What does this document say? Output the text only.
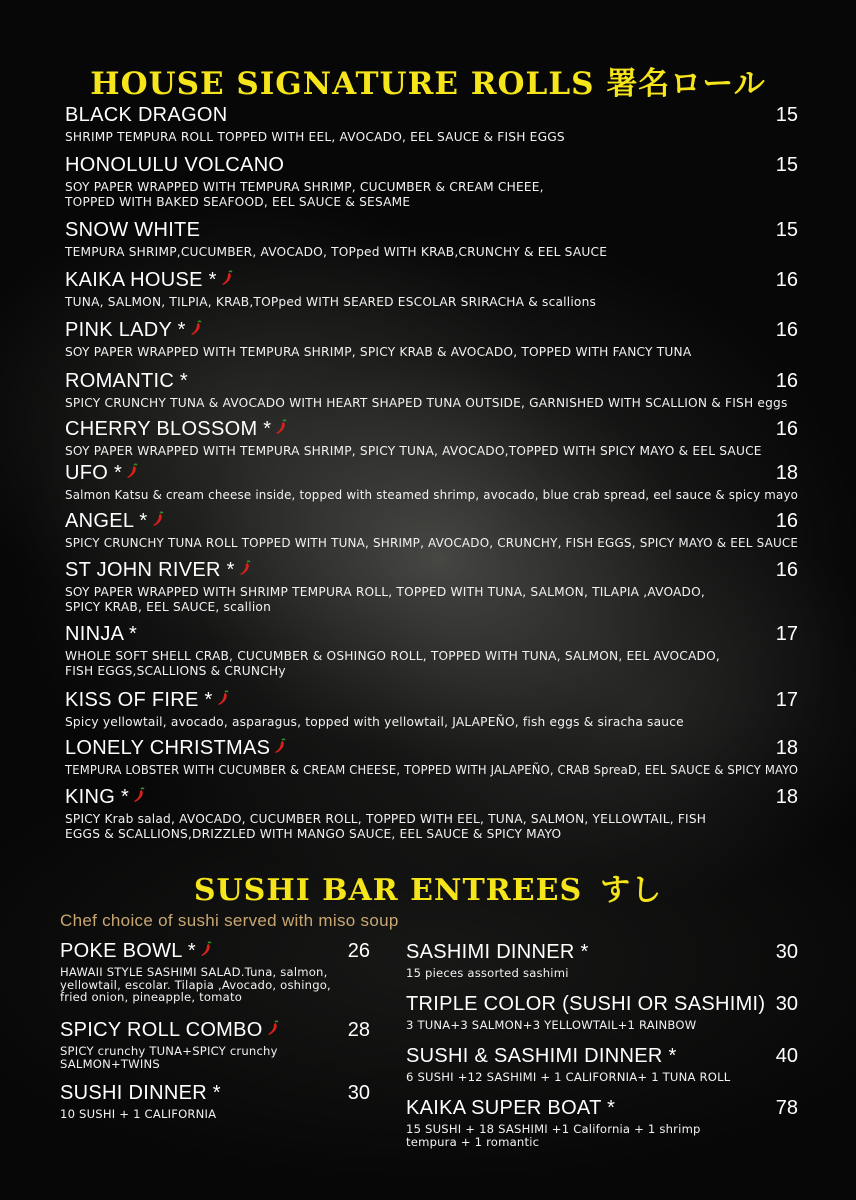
HOUSE SIGNATURE ROLLS 署名ロール
BLACK DRAGON	15
SHRIMP TEMPURA ROLL TOPPED WITH EEL, AVOCADO, EEL SAUCE & FISH EGGS
HONOLULU VOLCANO	15
SOY PAPER WRAPPED WITH TEMPURA SHRIMP, CUCUMBER & CREAM CHEEE,
TOPPED WITH BAKED SEAFOOD, EEL SAUCE & SESAME
SNOW WHITE	15
TEMPURA SHRIMP,CUCUMBER, AVOCADO, TOPped WITH KRAB,CRUNCHY & EEL SAUCE
KAIKA HOUSE *	16
TUNA, SALMON, TILPIA, KRAB,TOPped WITH SEARED ESCOLAR SRIRACHA & scallions
PINK LADY *	16
SOY PAPER WRAPPED WITH TEMPURA SHRIMP, SPICY KRAB & AVOCADO, TOPPED WITH FANCY TUNA
ROMANTIC *	16
SPICY CRUNCHY TUNA & AVOCADO WITH HEART SHAPED TUNA OUTSIDE, GARNISHED WITH SCALLION & FISH eggs
CHERRY BLOSSOM *	16
SOY PAPER WRAPPED WITH TEMPURA SHRIMP, SPICY TUNA, AVOCADO,TOPPED WITH SPICY MAYO & EEL SAUCE
UFO *	18
Salmon Katsu & cream cheese inside, topped with steamed shrimp, avocado, blue crab spread, eel sauce & spicy mayo
ANGEL *	16
SPICY CRUNCHY TUNA ROLL TOPPED WITH TUNA, SHRIMP, AVOCADO, CRUNCHY, FISH EGGS, SPICY MAYO & EEL SAUCE
ST JOHN RIVER *	16
SOY PAPER WRAPPED WITH SHRIMP TEMPURA ROLL, TOPPED WITH TUNA, SALMON, TILAPIA ,AVOADO,
SPICY KRAB, EEL SAUCE, scallion
NINJA *	17
WHOLE SOFT SHELL CRAB, CUCUMBER & OSHINGO ROLL, TOPPED WITH TUNA, SALMON, EEL AVOCADO,
FISH EGGS,SCALLIONS & CRUNCHy
KISS OF FIRE *	17
Spicy yellowtail, avocado, asparagus, topped with yellowtail, JALAPEÑO, fish eggs & siracha sauce
LONELY CHRISTMAS	18
TEMPURA LOBSTER WITH CUCUMBER & CREAM CHEESE, TOPPED WITH JALAPEÑO, CRAB SpreaD, EEL SAUCE & SPICY MAYO
KING *	18
SPICY Krab salad, AVOCADO, CUCUMBER ROLL, TOPPED WITH EEL, TUNA, SALMON, YELLOWTAIL, FISH
EGGS & SCALLIONS,DRIZZLED WITH MANGO SAUCE, EEL SAUCE & SPICY MAYO
SUSHI BAR ENTREES すし
Chef choice of sushi served with miso soup
POKE BOWL *	26
HAWAII STYLE SASHIMI SALAD.Tuna, salmon,
yellowtail, escolar. Tilapia ,Avocado, oshingo,
fried onion, pineapple, tomato
SPICY ROLL COMBO	28
SPICY crunchy TUNA+SPICY crunchy
SALMON+TWINS
SUSHI DINNER *	30
10 SUSHI + 1 CALIFORNIA
SASHIMI DINNER *	30
15 pieces assorted sashimi
TRIPLE COLOR (SUSHI OR SASHIMI) 30
3 TUNA+3 SALMON+3 YELLOWTAIL+1 RAINBOW
SUSHI & SASHIMI DINNER *	40
6 SUSHI +12 SASHIMI + 1 CALIFORNIA+ 1 TUNA ROLL
KAIKA SUPER BOAT *	78
15 SUSHI + 18 SASHIMI +1 California + 1 shrimp
tempura + 1 romantic
